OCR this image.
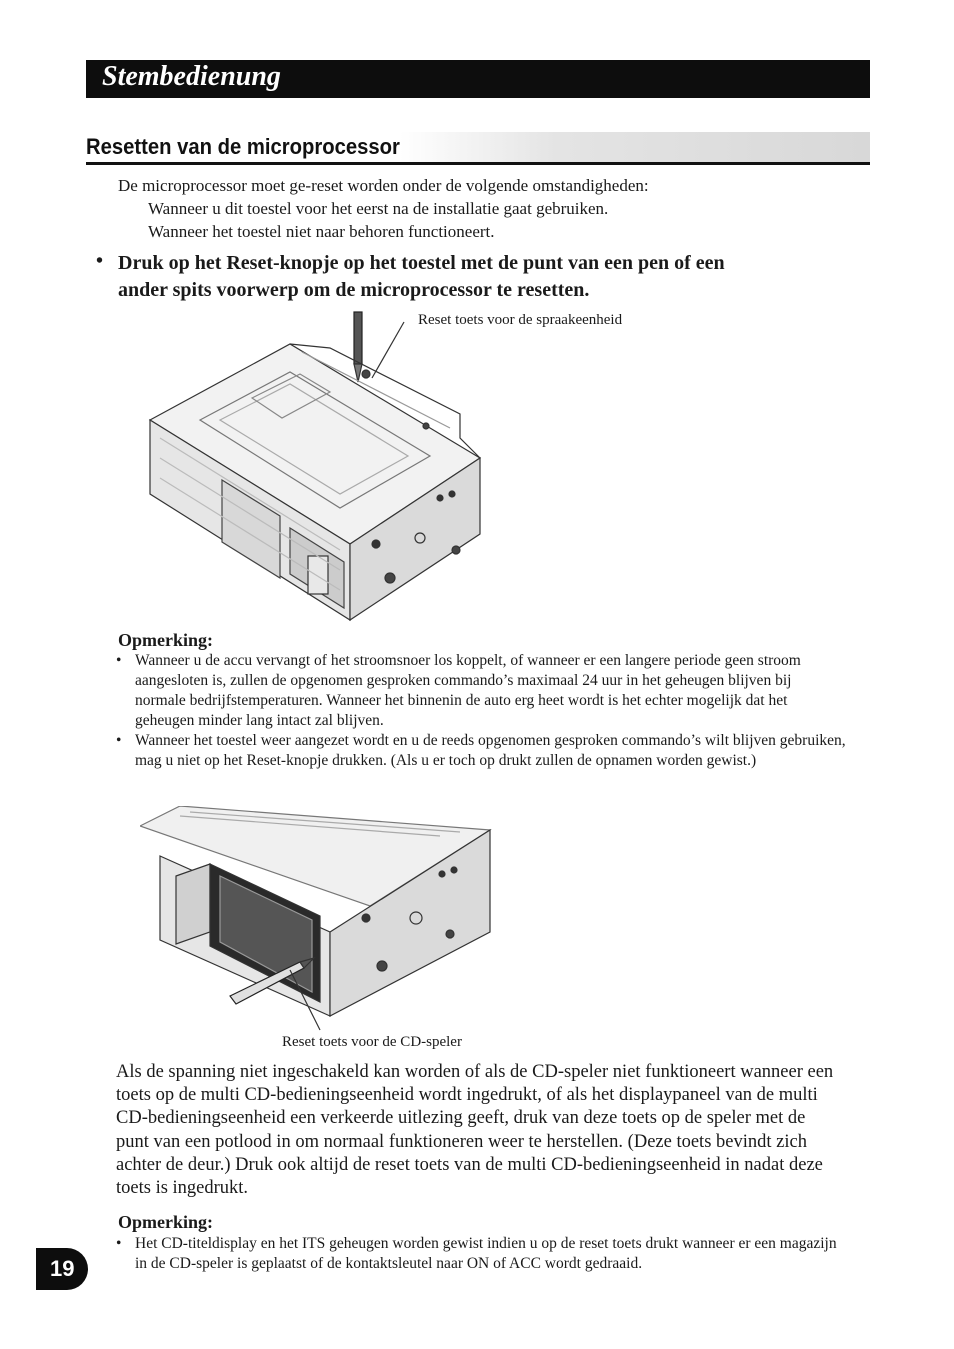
Stembedienung
Resetten van de microprocessor
De microprocessor moet ge-reset worden onder de volgende omstandigheden:
Wanneer u dit toestel voor het eerst na de installatie gaat gebruiken.
Wanneer het toestel niet naar behoren functioneert.
• Druk op het Reset-knopje op het toestel met de punt van een pen of een
ander spits voorwerp om de microprocessor te resetten.
Reset toets voor de spraakeenheid
Opmerking:
• Wanneer u de accu vervangt of het stroomsnoer los koppelt, of wanneer er een langere periode geen stroom aangesloten is, zullen de opgenomen gesproken commando’s maximaal 24 uur in het geheugen blijven bij normale bedrijfstemperaturen. Wanneer het binnenin de auto erg heet wordt is het echter mogelijk dat het geheugen minder lang intact zal blijven.
• Wanneer het toestel weer aangezet wordt en u de reeds opgenomen gesproken commando’s wilt blijven gebruiken, mag u niet op het Reset-knopje drukken. (Als u er toch op drukt zullen de opnamen worden gewist.)
Reset toets voor de CD-speler
Als de spanning niet ingeschakeld kan worden of als de CD-speler niet funktioneert wanneer een toets op de multi CD-bedieningseenheid wordt ingedrukt, of als het displaypaneel van de multi CD-bedieningseenheid een verkeerde uitlezing geeft, druk van deze toets op de speler met de punt van een potlood in om normaal funktioneren weer te herstellen. (Deze toets bevindt zich achter de deur.) Druk ook altijd de reset toets van de multi CD-bedieningseenheid in nadat deze toets is ingedrukt.
Opmerking:
• Het CD-titeldisplay en het ITS geheugen worden gewist indien u op de reset toets drukt wanneer er een magazijn in de CD-speler is geplaatst of de kontaktsleutel naar ON of ACC wordt gedraaid.
19
